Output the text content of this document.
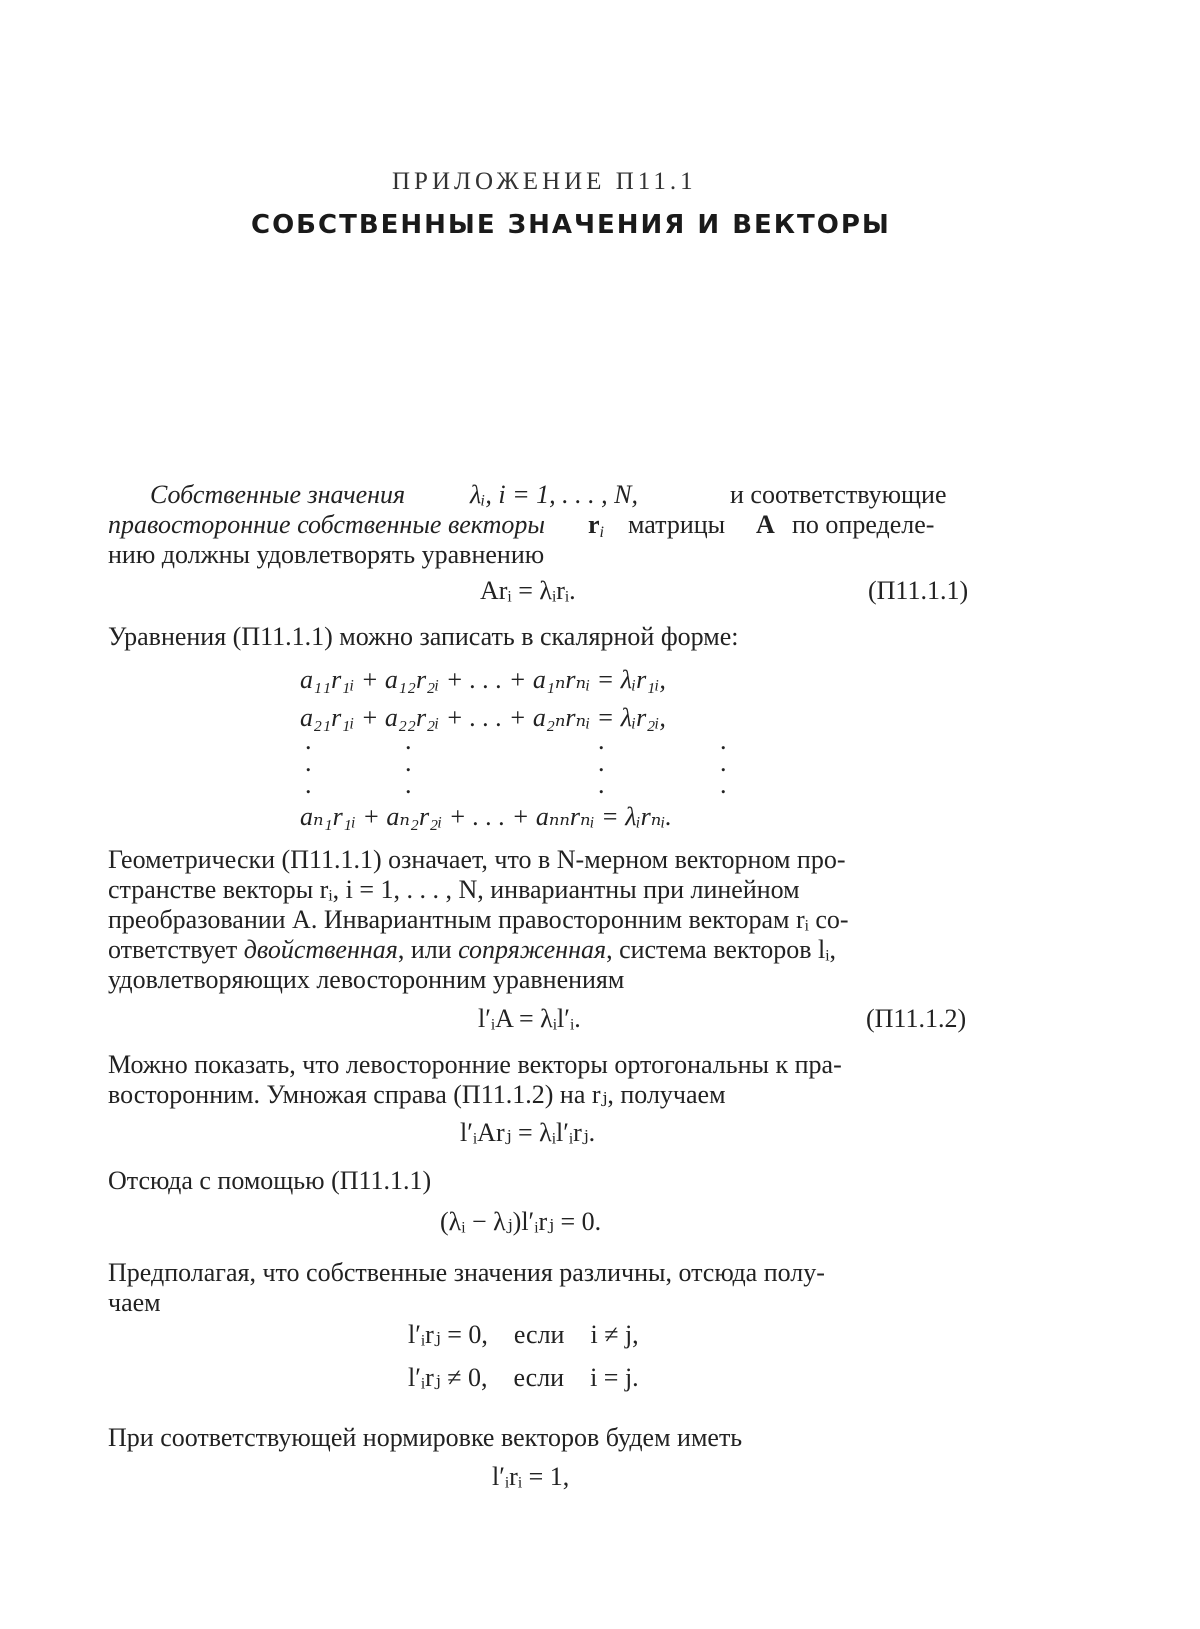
ПРИЛОЖЕНИЕ П11.1
СОБСТВЕННЫЕ ЗНАЧЕНИЯ И ВЕКТОРЫ
Собственные значения λᵢ, i = 1, . . . , N,	и соответствующие
правосторонние собственные векторы $r_i$ матрицы A по определе-
нию должны удовлетворять уравнению
Arᵢ = λᵢrᵢ.	(П11.1.1)
Уравнения (П11.1.1) можно записать в скалярной форме:
a₁₁r₁ᵢ + a₁₂r₂ᵢ + . . . + a₁ₙrₙᵢ = λᵢr₁ᵢ,
a₂₁r₁ᵢ + a₂₂r₂ᵢ + . . . + a₂ₙrₙᵢ = λᵢr₂ᵢ,
.
.
.
.
.
.
.
.
.
.
.
.
aₙ₁r₁ᵢ + aₙ₂r₂ᵢ + . . . + aₙₙrₙᵢ = λᵢrₙᵢ.
Геометрически (П11.1.1) означает, что в N-мерном векторном про-
странстве векторы rᵢ, i = 1, . . . , N, инвариантны при линейном
преобразовании A. Инвариантным правосторонним векторам rᵢ со-
ответствует двойственная, или сопряженная, система векторов lᵢ,
удовлетворяющих левосторонним уравнениям
l′ᵢA = λᵢl′ᵢ.	(П11.1.2)
Можно показать, что левосторонние векторы ортогональны к пра-
восторонним. Умножая справа (П11.1.2) на rⱼ, получаем
l′ᵢArⱼ = λᵢl′ᵢrⱼ.
Отсюда с помощью (П11.1.1)
(λᵢ − λⱼ)l′ᵢrⱼ = 0.
Предполагая, что собственные значения различны, отсюда полу-
чаем
l′ᵢrⱼ = 0,    если    i ≠ j,
l′ᵢrⱼ ≠ 0,    если    i = j.
При соответствующей нормировке векторов будем иметь
l′ᵢrᵢ = 1,
